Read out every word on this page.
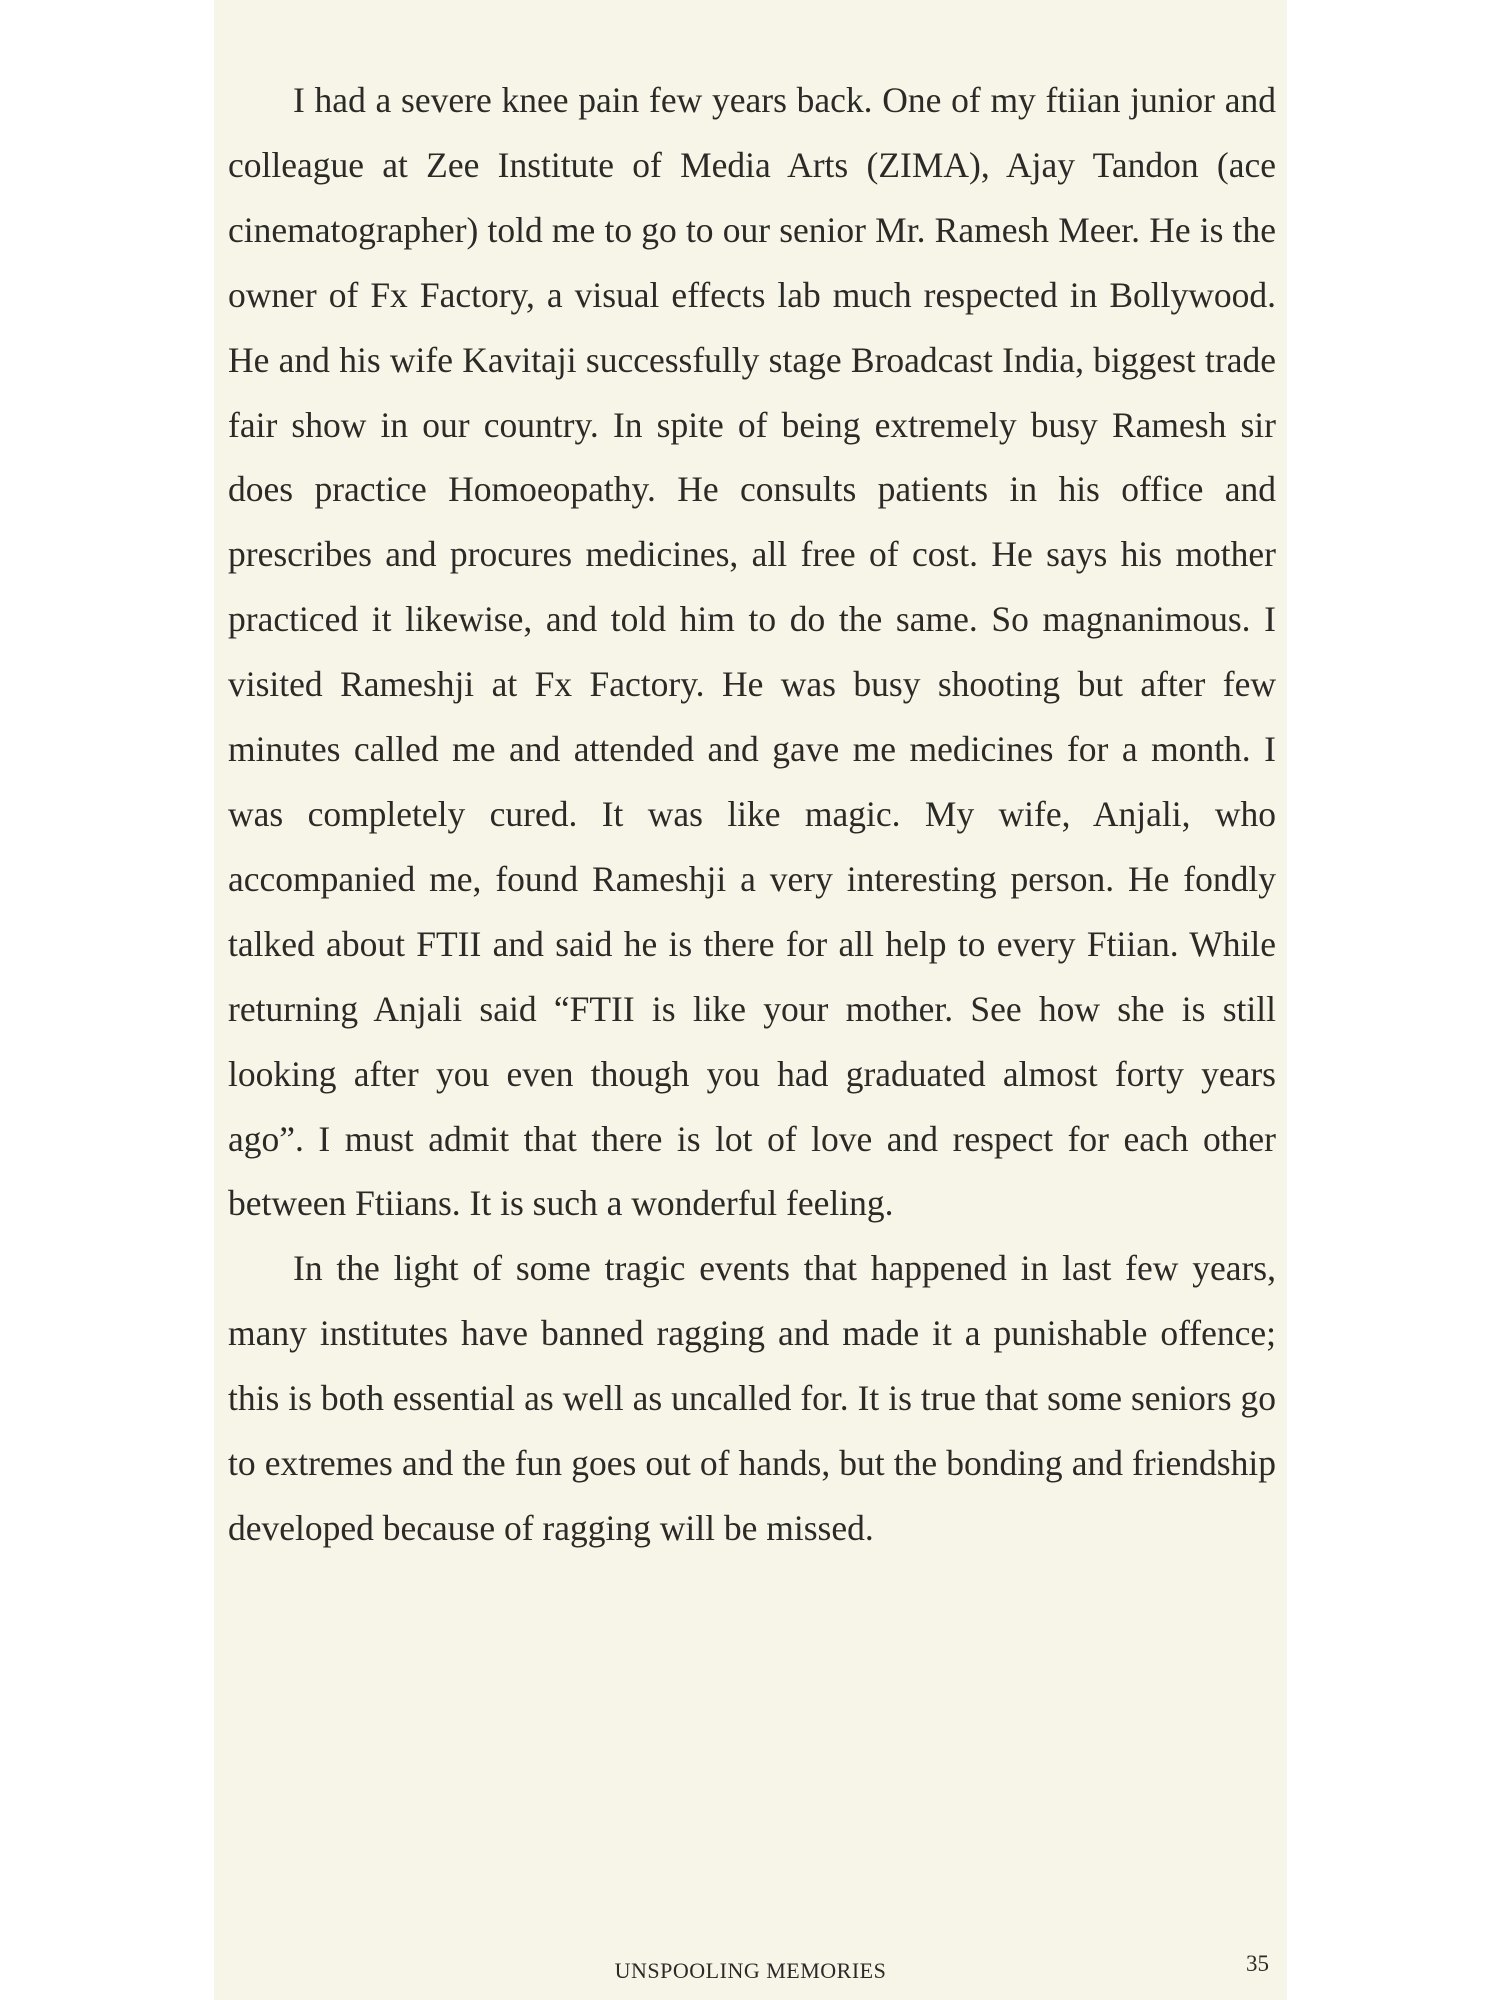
I had a severe knee pain few years back. One of my ftiian junior and colleague at Zee Institute of Media Arts (ZIMA), Ajay Tandon (ace cinematographer) told me to go to our senior Mr. Ramesh Meer. He is the owner of Fx Factory, a visual effects lab much respected in Bollywood. He and his wife Kavitaji successfully stage Broadcast India, biggest trade fair show in our country. In spite of being extremely busy Ramesh sir does practice Homoeopathy. He consults patients in his office and prescribes and procures medicines, all free of cost. He says his mother practiced it likewise, and told him to do the same. So magnanimous. I visited Rameshji at Fx Factory. He was busy shooting but after few minutes called me and attended and gave me medicines for a month. I was completely cured. It was like magic. My wife, Anjali, who accompanied me, found Rameshji a very interesting person. He fondly talked about FTII and said he is there for all help to every Ftiian. While returning Anjali said “FTII is like your mother. See how she is still looking after you even though you had graduated almost forty years ago”. I must admit that there is lot of love and respect for each other between Ftiians. It is such a wonderful feeling.

In the light of some tragic events that happened in last few years, many institutes have banned ragging and made it a punishable offence; this is both essential as well as uncalled for. It is true that some seniors go to extremes and the fun goes out of hands, but the bonding and friendship developed because of ragging will be missed.

UNSPOOLING MEMORIES	35
